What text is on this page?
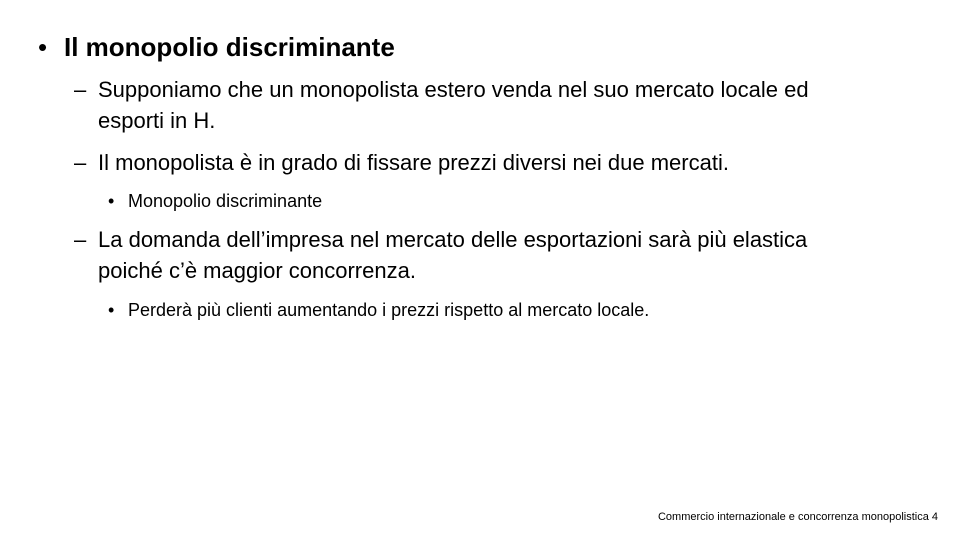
• Il monopolio discriminante
– Supponiamo che un monopolista estero venda nel suo mercato locale ed esporti in H.
– Il monopolista è in grado di fissare prezzi diversi nei due mercati.
• Monopolio discriminante
– La domanda dell’impresa nel mercato delle esportazioni sarà più elastica poiché c’è maggior concorrenza.
• Perderà più clienti aumentando i prezzi rispetto al mercato locale.
Commercio internazionale e concorrenza monopolistica 4
